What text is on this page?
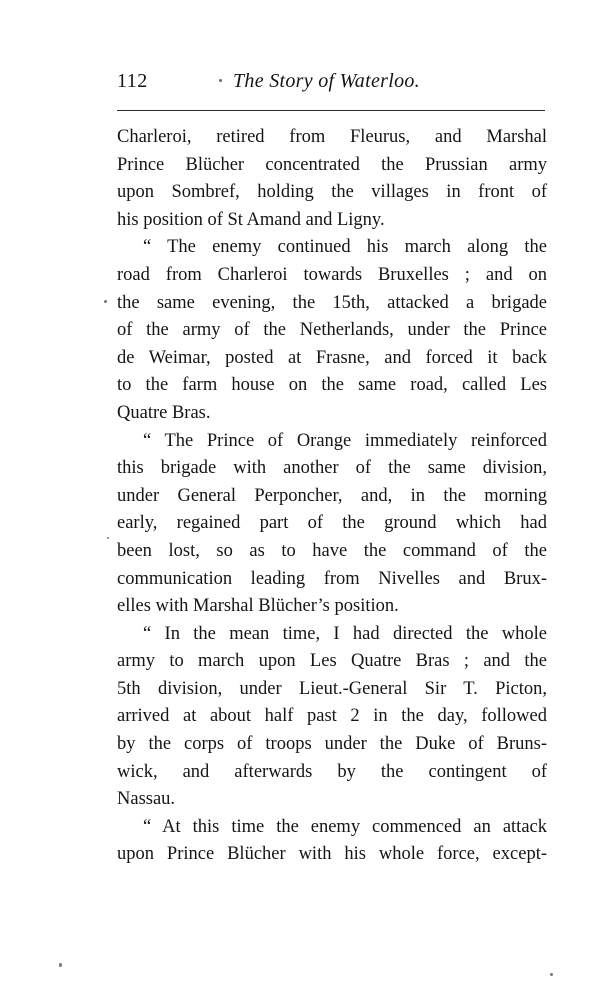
112	The Story of Waterloo.
Charleroi, retired from Fleurus, and Marshal
Prince Blücher concentrated the Prussian army
upon Sombref, holding the villages in front of
his position of St Amand and Ligny.
“ The enemy continued his march along the
road from Charleroi towards Bruxelles ; and on
the same evening, the 15th, attacked a brigade
of the army of the Netherlands, under the Prince
de Weimar, posted at Frasne, and forced it back
to the farm house on the same road, called Les
Quatre Bras.
“ The Prince of Orange immediately reinforced
this brigade with another of the same division,
under General Perponcher, and, in the morning
early, regained part of the ground which had
been lost, so as to have the command of the
communication leading from Nivelles and Brux-
elles with Marshal Blücher’s position.
“ In the mean time, I had directed the whole
army to march upon Les Quatre Bras ; and the
5th division, under Lieut.-General Sir T. Picton,
arrived at about half past 2 in the day, followed
by the corps of troops under the Duke of Bruns-
wick, and afterwards by the contingent of
Nassau.
“ At this time the enemy commenced an attack
upon Prince Blücher with his whole force, except-
